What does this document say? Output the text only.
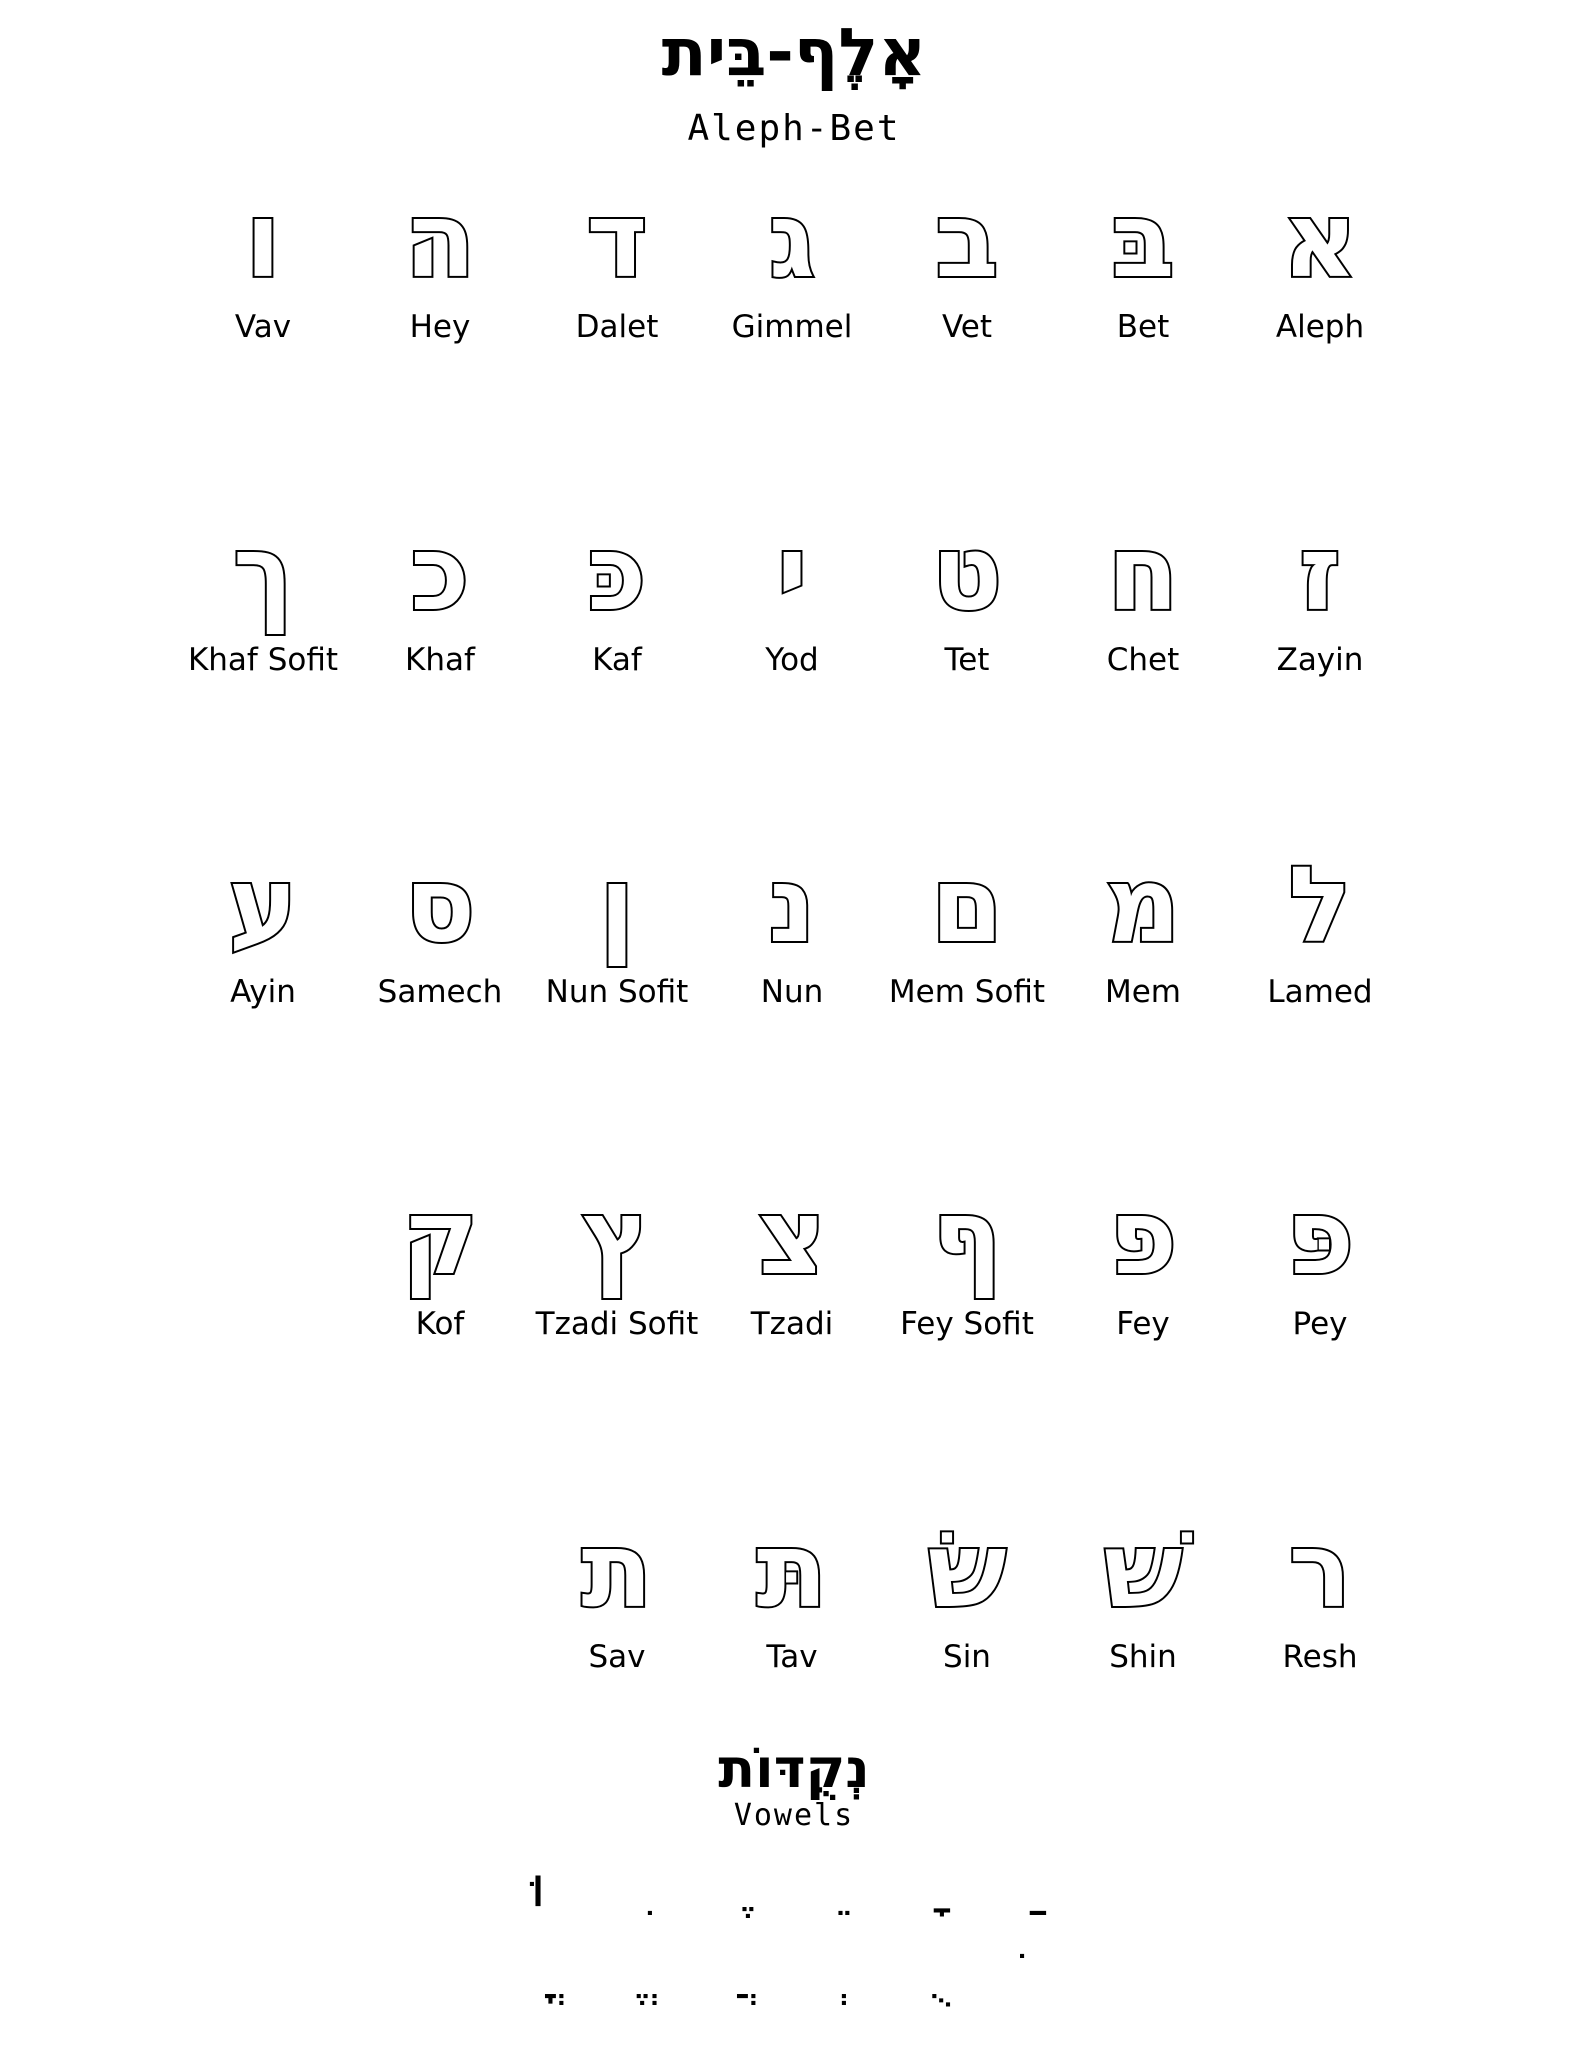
אָלֶף-בֵּית
Aleph-Bet
א
Aleph
בּ
Bet
ב
Vet
ג
Gimmel
ד
Dalet
ה
Hey
ו
Vav
ז
Zayin
ח
Chet
ט
Tet
י
Yod
כּ
Kaf
כ
Khaf
ך
Khaf Sofit
ל
Lamed
מ
Mem
ם
Mem Sofit
נ
Nun
ן
Nun Sofit
ס
Samech
ע
Ayin
פּ
Pey
פ
Fey
ף
Fey Sofit
צ
Tzadi
ץ
Tzadi Sofit
ק
Kof
ר
Resh
שׁ
Shin
שׂ
Sin
תּ
Tav
ת
Sav
נְקֻדּוֹת
Vowels
וּ
